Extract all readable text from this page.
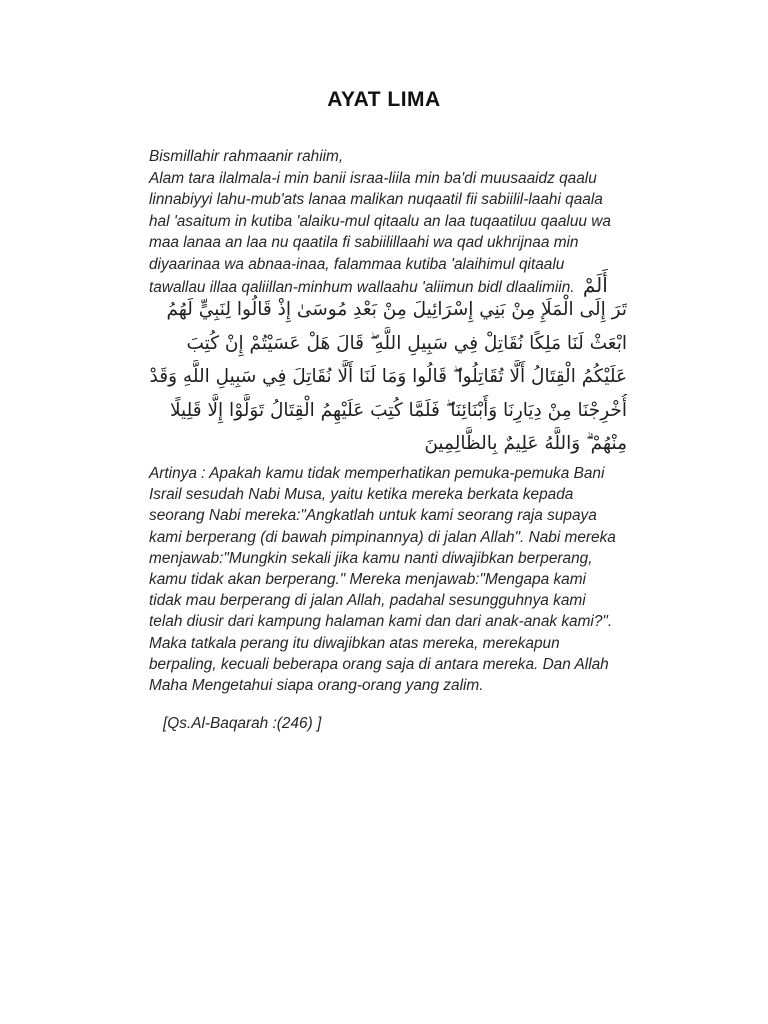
AYAT LIMA
Bismillahir rahmaanir rahiim,
Alam tara ilalmala-i min banii israa-liila min ba'di muusaaidz qaalu
linnabiyyi lahu-mub'ats lanaa malikan nuqaatil fii sabiilil-laahi qaala
hal 'asaitum in kutiba 'alaiku-mul qitaalu an laa tuqaatiluu qaaluu wa
maa lanaa an laa nu qaatila fi sabiilillaahi wa qad ukhrijnaa min
diyaarinaa wa abnaa-inaa, falammaa kutiba 'alaihimul qitaalu
tawallau illaa qaliillan-minhum wallaahu 'aliimun bidl dlaalimiin. أَلَمْ
تَرَ إِلَى الْمَلَإِ مِنْ بَنِي إِسْرَائِيلَ مِنْ بَعْدِ مُوسَىٰ إِذْ قَالُوا لِنَبِيٍّ لَهُمُ
ابْعَثْ لَنَا مَلِكًا نُقَاتِلْ فِي سَبِيلِ اللَّهِ ۖ قَالَ هَلْ عَسَيْتُمْ إِنْ كُتِبَ
عَلَيْكُمُ الْقِتَالُ أَلَّا تُقَاتِلُوا ۖ قَالُوا وَمَا لَنَا أَلَّا نُقَاتِلَ فِي سَبِيلِ اللَّهِ وَقَدْ
أُخْرِجْنَا مِنْ دِيَارِنَا وَأَبْنَائِنَا ۖ فَلَمَّا كُتِبَ عَلَيْهِمُ الْقِتَالُ تَوَلَّوْا إِلَّا قَلِيلًا
مِنْهُمْ ۗ وَاللَّهُ عَلِيمٌ بِالظَّالِمِينَ
Artinya : Apakah kamu tidak memperhatikan pemuka-pemuka Bani
Israil sesudah Nabi Musa, yaitu ketika mereka berkata kepada
seorang Nabi mereka:"Angkatlah untuk kami seorang raja supaya
kami berperang (di bawah pimpinannya) di jalan Allah". Nabi mereka
menjawab:"Mungkin sekali jika kamu nanti diwajibkan berperang,
kamu tidak akan berperang." Mereka menjawab:"Mengapa kami
tidak mau berperang di jalan Allah, padahal sesungguhnya kami
telah diusir dari kampung halaman kami dan dari anak-anak kami?".
Maka tatkala perang itu diwajibkan atas mereka, merekapun
berpaling, kecuali beberapa orang saja di antara mereka. Dan Allah
Maha Mengetahui siapa orang-orang yang zalim.
[Qs.Al-Baqarah :(246) ]
